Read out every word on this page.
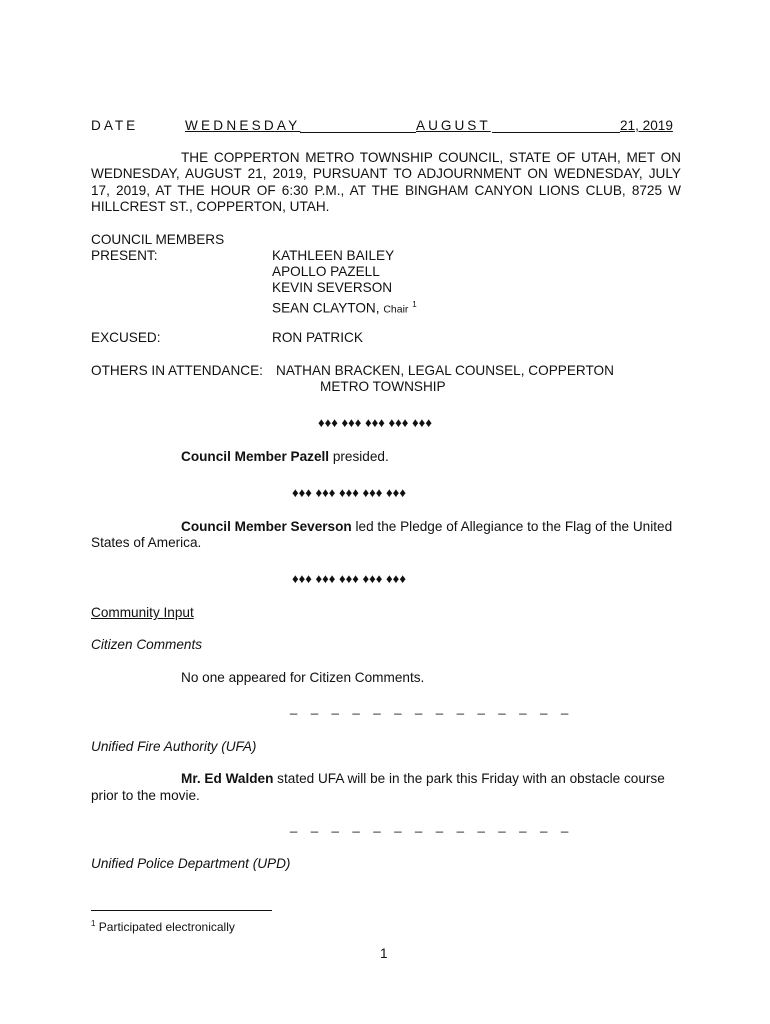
DATE	WEDNESDAY	AUGUST	21, 2019
THE COPPERTON METRO TOWNSHIP COUNCIL, STATE OF UTAH, MET ON WEDNESDAY, AUGUST 21, 2019, PURSUANT TO ADJOURNMENT ON WEDNESDAY, JULY 17, 2019, AT THE HOUR OF 6:30 P.M., AT THE BINGHAM CANYON LIONS CLUB, 8725 W HILLCREST ST., COPPERTON, UTAH.
COUNCIL MEMBERS
PRESENT:	KATHLEEN BAILEY
APOLLO PAZELL
KEVIN SEVERSON
SEAN CLAYTON, Chair $^1$
EXCUSED:	RON PATRICK
OTHERS IN ATTENDANCE: NATHAN BRACKEN, LEGAL COUNSEL, COPPERTON
METRO TOWNSHIP
♦♦♦ ♦♦♦ ♦♦♦ ♦♦♦ ♦♦♦
Council Member Pazell presided.
♦♦♦ ♦♦♦ ♦♦♦ ♦♦♦ ♦♦♦
Council Member Severson led the Pledge of Allegiance to the Flag of the United
States of America.
♦♦♦ ♦♦♦ ♦♦♦ ♦♦♦ ♦♦♦
Community Input
Citizen Comments
No one appeared for Citizen Comments.
_ _ _ _ _ _ _ _ _ _ _ _ _ _
Unified Fire Authority (UFA)
Mr. Ed Walden stated UFA will be in the park this Friday with an obstacle course
prior to the movie.
_ _ _ _ _ _ _ _ _ _ _ _ _ _
Unified Police Department (UPD)
$^1$ Participated electronically
1
